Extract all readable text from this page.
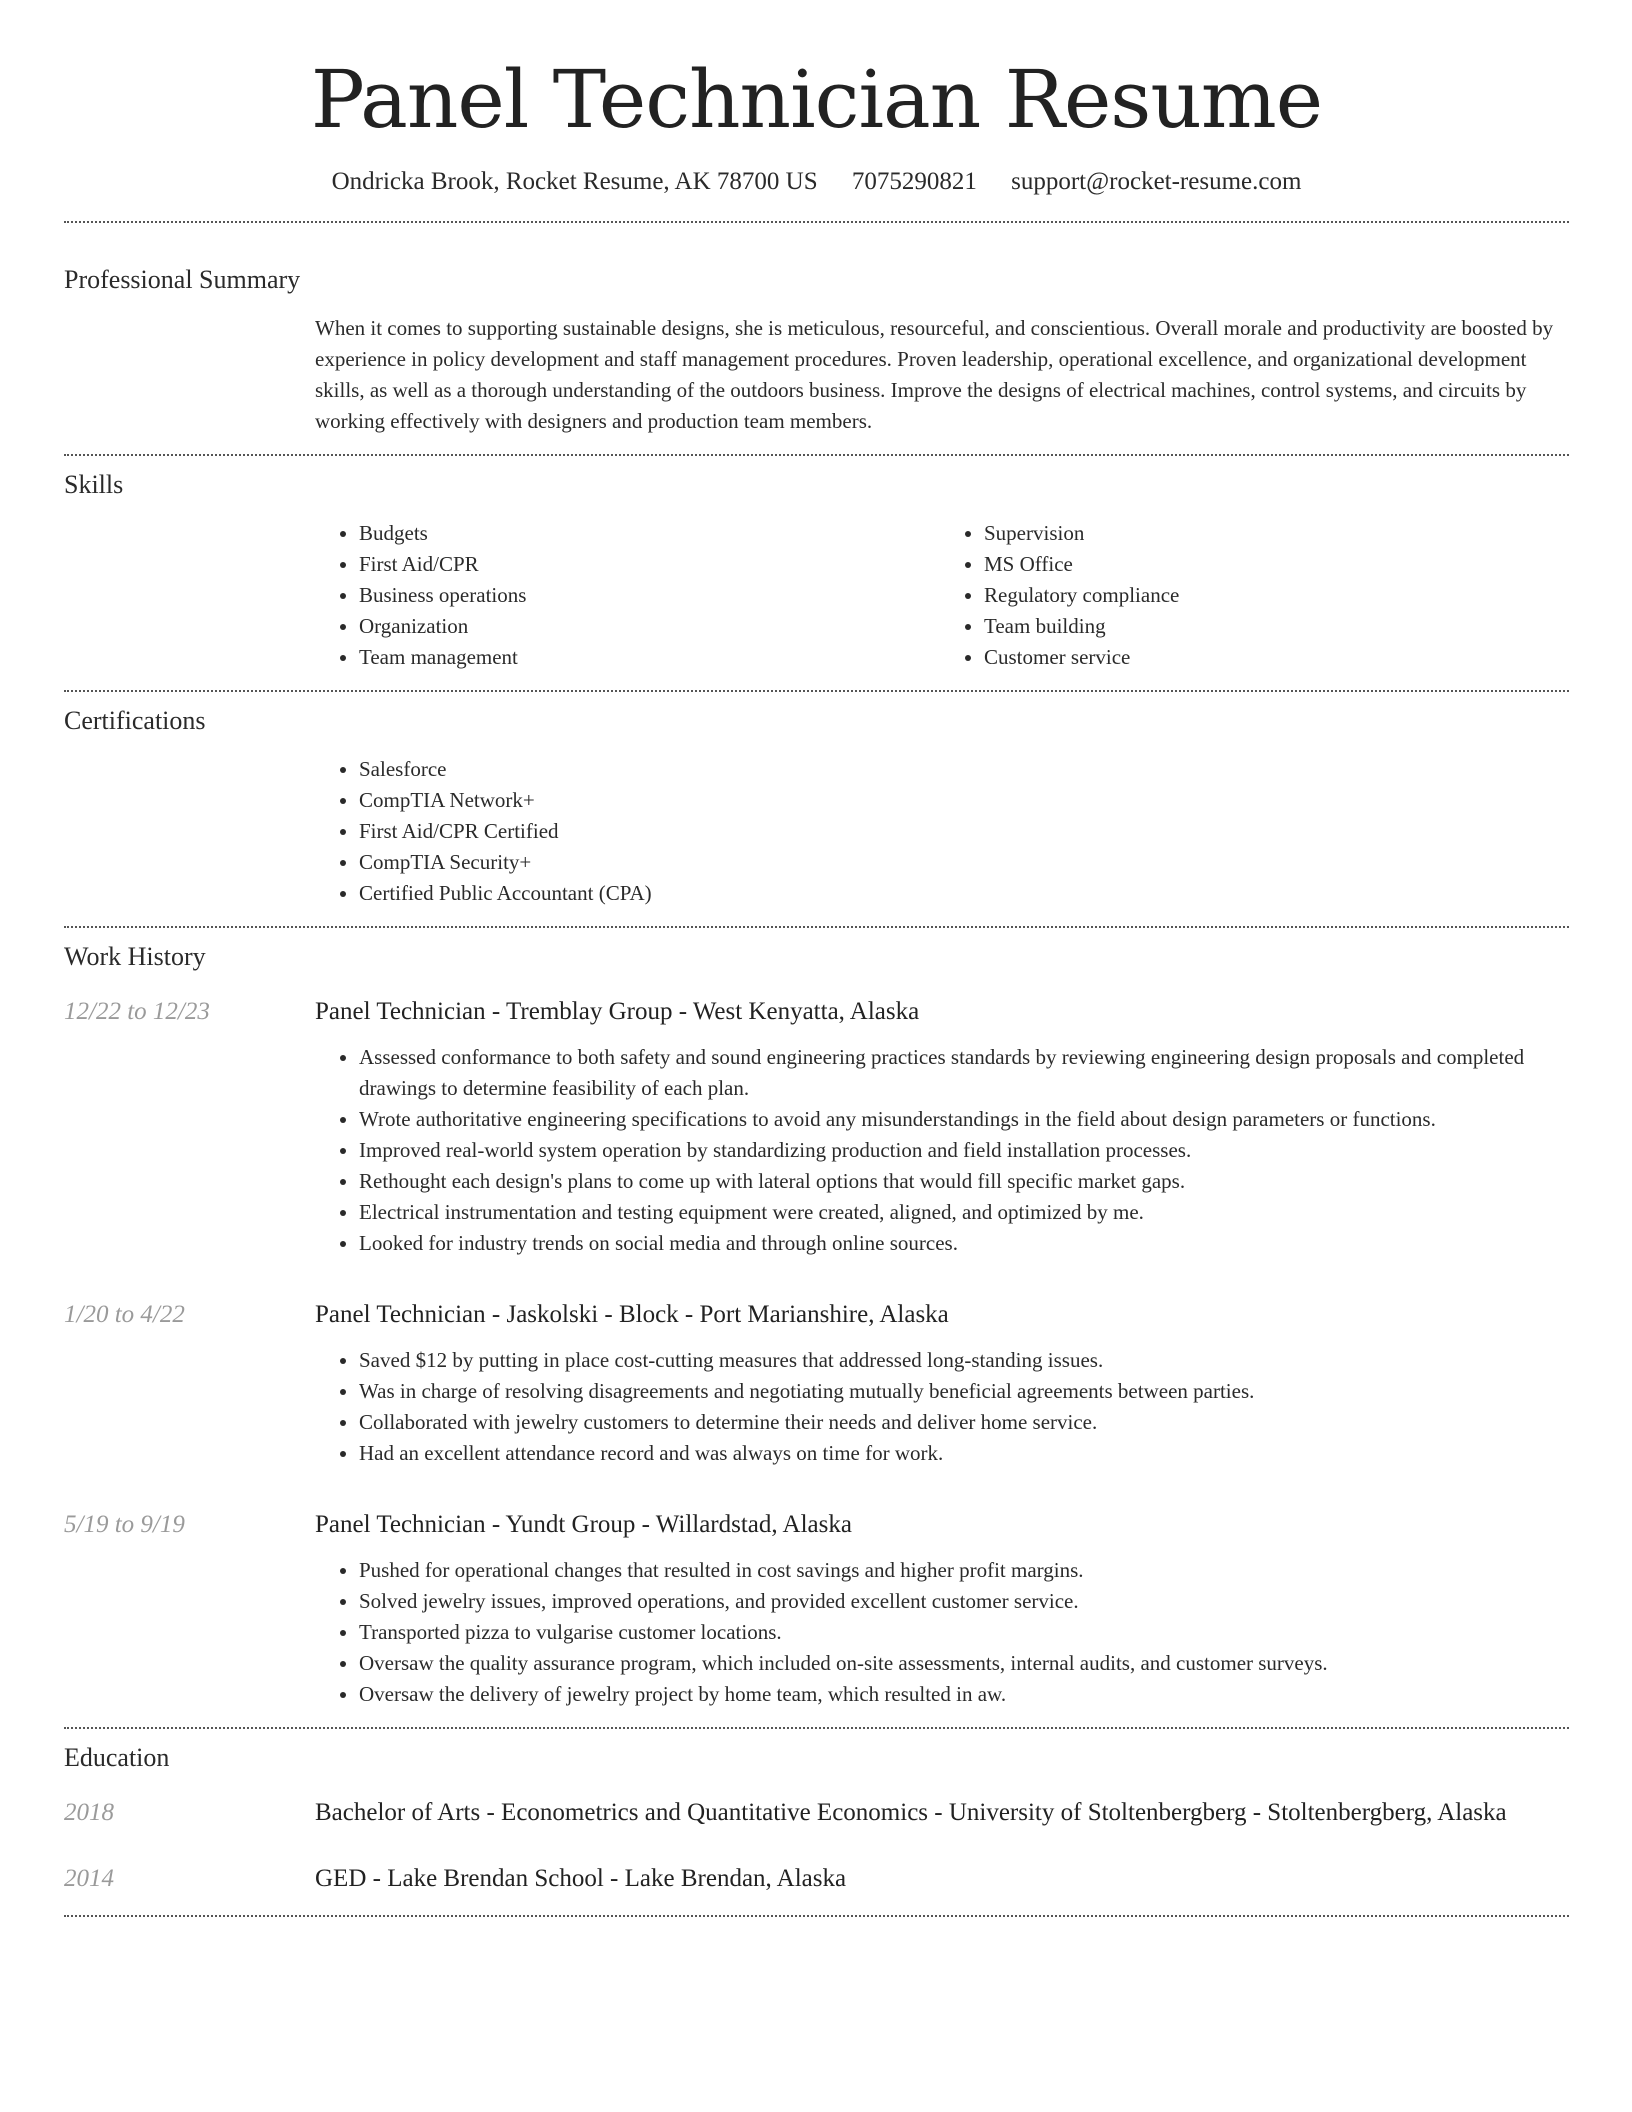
Panel Technician Resume
Ondricka Brook, Rocket Resume, AK 78700 US 7075290821 support@rocket-resume.com
Professional Summary
When it comes to supporting sustainable designs, she is meticulous, resourceful, and conscientious. Overall morale and productivity are boosted by experience in policy development and staff management procedures. Proven leadership, operational excellence, and organizational development skills, as well as a thorough understanding of the outdoors business. Improve the designs of electrical machines, control systems, and circuits by working effectively with designers and production team members.
Skills
• Budgets
• First Aid/CPR
• Business operations
• Organization
• Team management
• Supervision
• MS Office
• Regulatory compliance
• Team building
• Customer service
Certifications
• Salesforce
• CompTIA Network+
• First Aid/CPR Certified
• CompTIA Security+
• Certified Public Accountant (CPA)
Work History
12/22 to 12/23	Panel Technician - Tremblay Group - West Kenyatta, Alaska
• Assessed conformance to both safety and sound engineering practices standards by reviewing engineering design proposals and completed drawings to determine feasibility of each plan.
• Wrote authoritative engineering specifications to avoid any misunderstandings in the field about design parameters or functions.
• Improved real-world system operation by standardizing production and field installation processes.
• Rethought each design's plans to come up with lateral options that would fill specific market gaps.
• Electrical instrumentation and testing equipment were created, aligned, and optimized by me.
• Looked for industry trends on social media and through online sources.
1/20 to 4/22	Panel Technician - Jaskolski - Block - Port Marianshire, Alaska
• Saved $12 by putting in place cost-cutting measures that addressed long-standing issues.
• Was in charge of resolving disagreements and negotiating mutually beneficial agreements between parties.
• Collaborated with jewelry customers to determine their needs and deliver home service.
• Had an excellent attendance record and was always on time for work.
5/19 to 9/19	Panel Technician - Yundt Group - Willardstad, Alaska
• Pushed for operational changes that resulted in cost savings and higher profit margins.
• Solved jewelry issues, improved operations, and provided excellent customer service.
• Transported pizza to vulgarise customer locations.
• Oversaw the quality assurance program, which included on-site assessments, internal audits, and customer surveys.
• Oversaw the delivery of jewelry project by home team, which resulted in aw.
Education
2018	Bachelor of Arts - Econometrics and Quantitative Economics - University of Stoltenbergberg - Stoltenbergberg, Alaska
2014	GED - Lake Brendan School - Lake Brendan, Alaska
